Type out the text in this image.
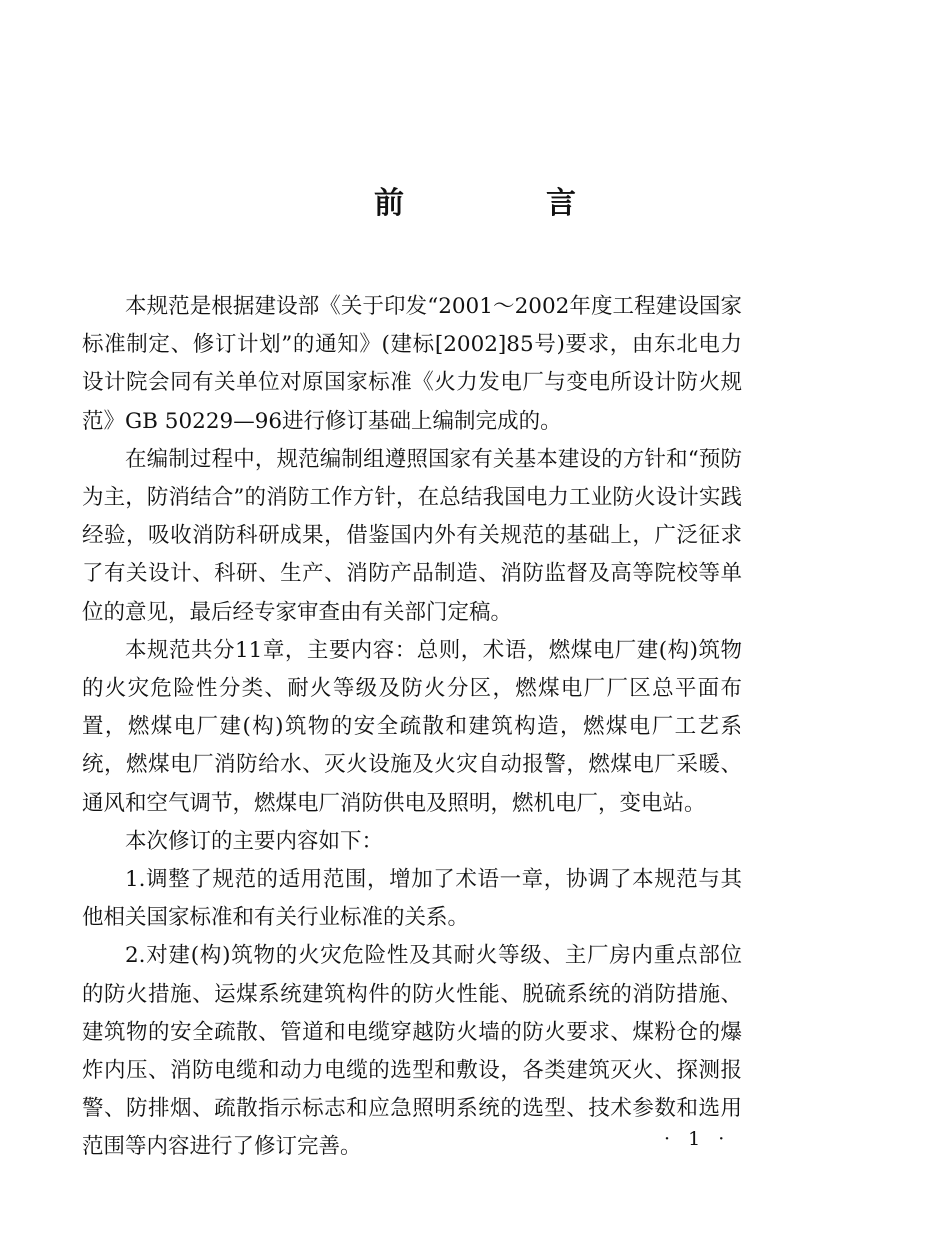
前　言

本规范是根据建设部《关于印发“2001～2002年度工程建设国家标准制定、修订计划”的通知》(建标[2002]85号)要求，由东北电力设计院会同有关单位对原国家标准《火力发电厂与变电所设计防火规范》GB 50229—96进行修订基础上编制完成的。

在编制过程中，规范编制组遵照国家有关基本建设的方针和“预防为主，防消结合”的消防工作方针，在总结我国电力工业防火设计实践经验，吸收消防科研成果，借鉴国内外有关规范的基础上，广泛征求了有关设计、科研、生产、消防产品制造、消防监督及高等院校等单位的意见，最后经专家审查由有关部门定稿。

本规范共分11章，主要内容：总则，术语，燃煤电厂建(构)筑物的火灾危险性分类、耐火等级及防火分区，燃煤电厂厂区总平面布置，燃煤电厂建(构)筑物的安全疏散和建筑构造，燃煤电厂工艺系统，燃煤电厂消防给水、灭火设施及火灾自动报警，燃煤电厂采暖、通风和空气调节，燃煤电厂消防供电及照明，燃机电厂，变电站。

本次修订的主要内容如下：

1.调整了规范的适用范围，增加了术语一章，协调了本规范与其他相关国家标准和有关行业标准的关系。

2.对建(构)筑物的火灾危险性及其耐火等级、主厂房内重点部位的防火措施、运煤系统建筑构件的防火性能、脱硫系统的消防措施、建筑物的安全疏散、管道和电缆穿越防火墙的防火要求、煤粉仓的爆炸内压、消防电缆和动力电缆的选型和敷设，各类建筑灭火、探测报警、防排烟、疏散指示标志和应急照明系统的选型、技术参数和选用范围等内容进行了修订完善。	· 1 ·
